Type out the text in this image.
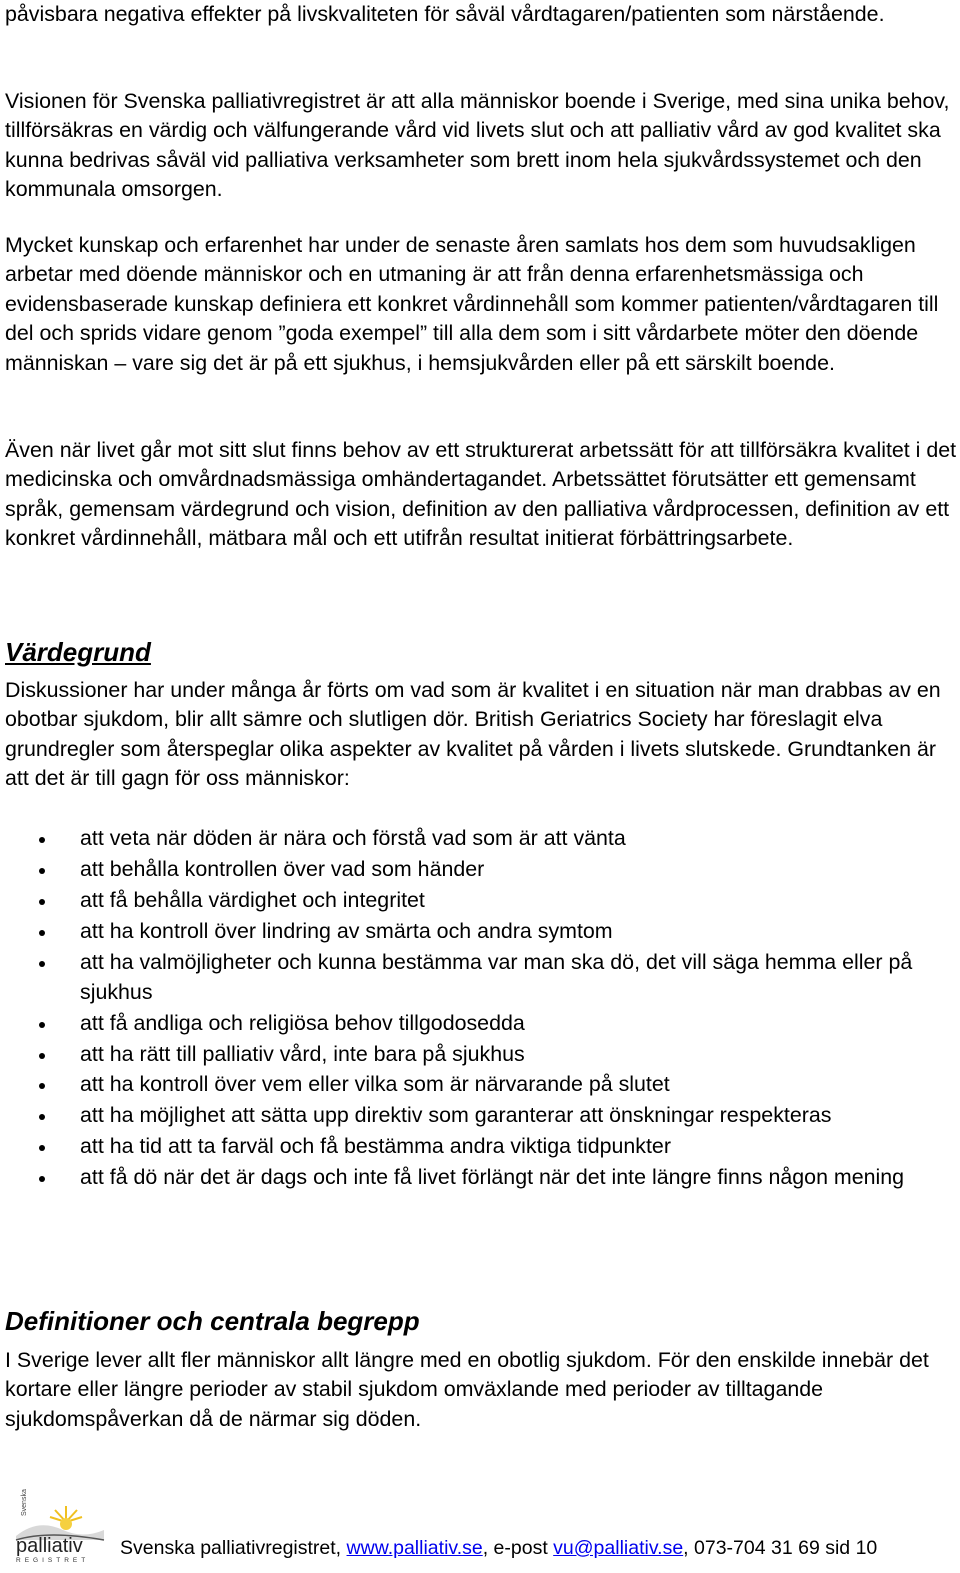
påvisbara negativa effekter på livskvaliteten för såväl vårdtagaren/patienten som närstående.

Visionen för Svenska palliativregistret är att alla människor boende i Sverige, med sina unika behov, tillförsäkras en värdig och välfungerande vård vid livets slut och att palliativ vård av god kvalitet ska kunna bedrivas såväl vid palliativa verksamheter som brett inom hela sjukvårdssystemet och den kommunala omsorgen.

Mycket kunskap och erfarenhet har under de senaste åren samlats hos dem som huvudsakligen arbetar med döende människor och en utmaning är att från denna erfarenhetsmässiga och evidensbaserade kunskap definiera ett konkret vårdinnehåll som kommer patienten/vårdtagaren till del och sprids vidare genom ”goda exempel” till alla dem som i sitt vårdarbete möter den döende människan – vare sig det är på ett sjukhus, i hemsjukvården eller på ett särskilt boende.

Även när livet går mot sitt slut finns behov av ett strukturerat arbetssätt för att tillförsäkra kvalitet i det medicinska och omvårdnadsmässiga omhändertagandet. Arbetssättet förutsätter ett gemensamt språk, gemensam värdegrund och vision, definition av den palliativa vårdprocessen, definition av ett konkret vårdinnehåll, mätbara mål och ett utifrån resultat initierat förbättringsarbete.

Värdegrund

Diskussioner har under många år förts om vad som är kvalitet i en situation när man drabbas av en obotbar sjukdom, blir allt sämre och slutligen dör. British Geriatrics Society har föreslagit elva grundregler som återspeglar olika aspekter av kvalitet på vården i livets slutskede. Grundtanken är att det är till gagn för oss människor:

att veta när döden är nära och förstå vad som är att vänta
att behålla kontrollen över vad som händer
att få behålla värdighet och integritet
att ha kontroll över lindring av smärta och andra symtom
att ha valmöjligheter och kunna bestämma var man ska dö, det vill säga hemma eller på sjukhus
att få andliga och religiösa behov tillgodosedda
att ha rätt till palliativ vård, inte bara på sjukhus
att ha kontroll över vem eller vilka som är närvarande på slutet
att ha möjlighet att sätta upp direktiv som garanterar att önskningar respekteras
att ha tid att ta farväl och få bestämma andra viktiga tidpunkter
att få dö när det är dags och inte få livet förlängt när det inte längre finns någon mening
Definitioner och centrala begrepp

I Sverige lever allt fler människor allt längre med en obotlig sjukdom. För den enskilde innebär det kortare eller längre perioder av stabil sjukdom omväxlande med perioder av tilltagande sjukdomspåverkan då de närmar sig döden.

Svenska
palliativ
REGISTRET
Svenska palliativregistret, www.palliativ.se, e-post vu@palliativ.se, 073-704 31 69 sid 10
